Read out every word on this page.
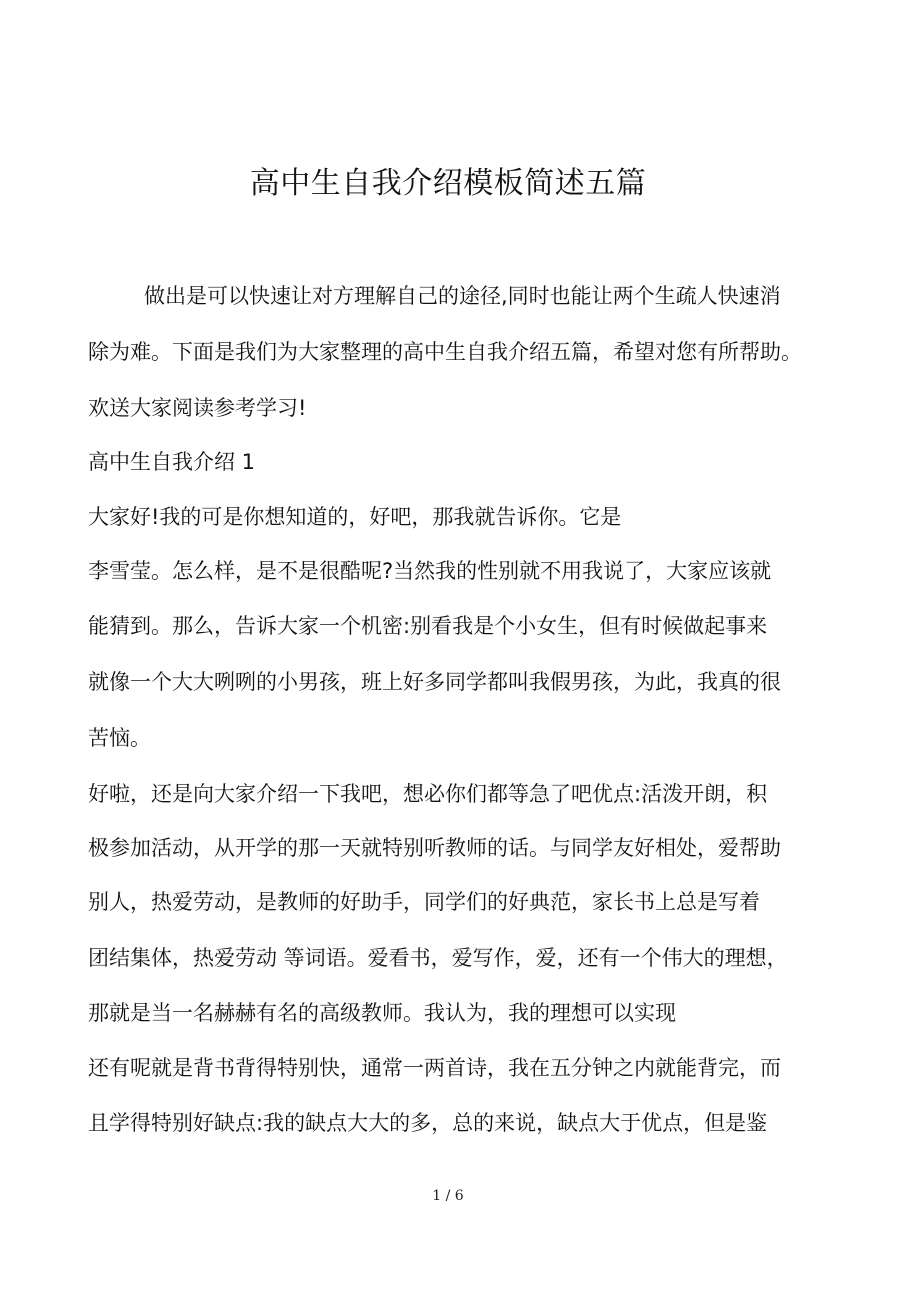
高中生自我介绍模板简述五篇
做出是可以快速让对方理解自己的途径,同时也能让两个生疏人快速消
除为难。下面是我们为大家整理的高中生自我介绍五篇，希望对您有所帮助。
欢送大家阅读参考学习!
高中生自我介绍 1
大家好!我的可是你想知道的，好吧，那我就告诉你。它是
李雪莹。怎么样，是不是很酷呢?当然我的性别就不用我说了，大家应该就
能猜到。那么，告诉大家一个机密:别看我是个小女生，但有时候做起事来
就像一个大大咧咧的小男孩，班上好多同学都叫我假男孩，为此，我真的很
苦恼。
好啦，还是向大家介绍一下我吧，想必你们都等急了吧优点:活泼开朗，积
极参加活动，从开学的那一天就特别听教师的话。与同学友好相处，爱帮助
别人，热爱劳动，是教师的好助手，同学们的好典范，家长书上总是写着
团结集体，热爱劳动 等词语。爱看书，爱写作，爱，还有一个伟大的理想，
那就是当一名赫赫有名的高级教师。我认为，我的理想可以实现
还有呢就是背书背得特别快，通常一两首诗，我在五分钟之内就能背完，而
且学得特别好缺点:我的缺点大大的多，总的来说，缺点大于优点，但是鉴
1 / 6
